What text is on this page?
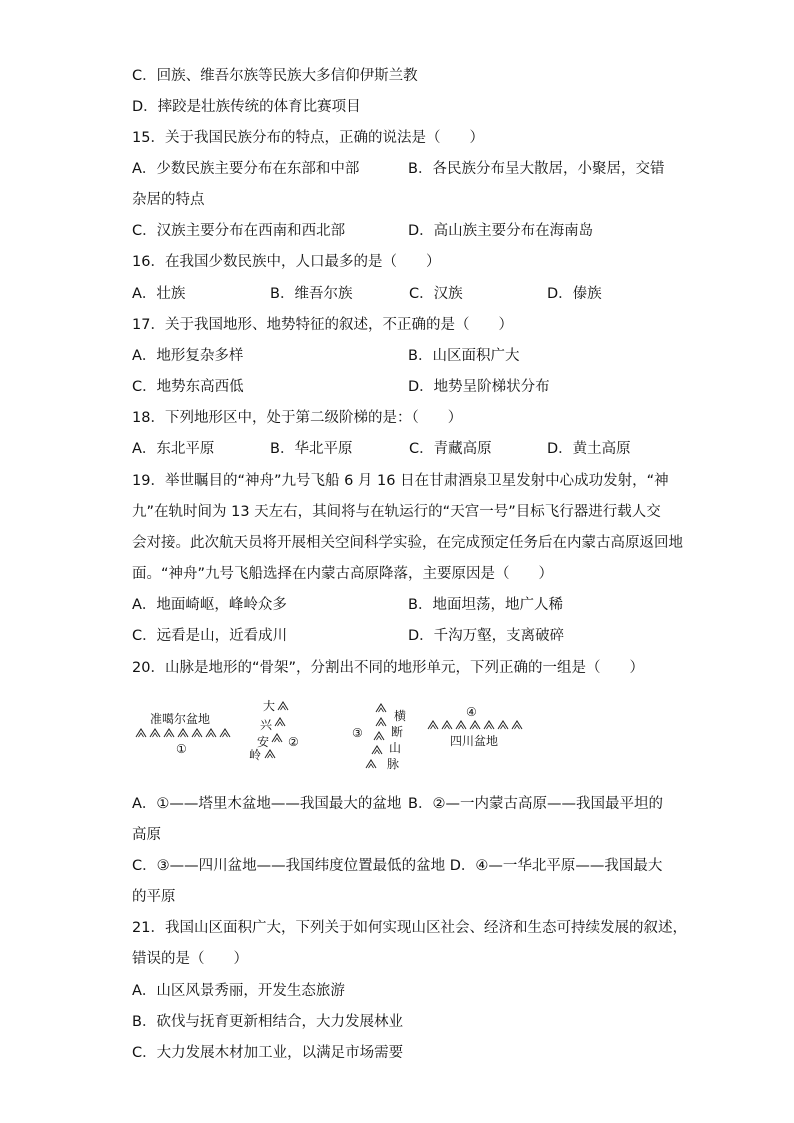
C．回族、维吾尔族等民族大多信仰伊斯兰教
D．摔跤是壮族传统的体育比赛项目
15．关于我国民族分布的特点，正确的说法是（　　）
A．少数民族主要分布在东部和中部	B．各民族分布呈大散居，小聚居，交错
杂居的特点
C．汉族主要分布在西南和西北部	D．高山族主要分布在海南岛
16．在我国少数民族中，人口最多的是（　　）
A．壮族	B．维吾尔族	C．汉族	D．傣族
17．关于我国地形、地势特征的叙述，不正确的是（　　）
A．地形复杂多样	B．山区面积广大
C．地势东高西低	D．地势呈阶梯状分布
18．下列地形区中，处于第二级阶梯的是：（　　）
A．东北平原	B．华北平原	C．青藏高原	D．黄土高原
19．举世瞩目的“神舟”九号飞船 6 月 16 日在甘肃酒泉卫星发射中心成功发射，“神
九”在轨时间为 13 天左右，其间将与在轨运行的“天宫一号”目标飞行器进行载人交
会对接。此次航天员将开展相关空间科学实验，在完成预定任务后在内蒙古高原返回地
面。“神舟”九号飞船选择在内蒙古高原降落，主要原因是（　　）
A．地面崎岖，峰岭众多	B．地面坦荡，地广人稀
C．远看是山，近看成川	D．千沟万壑，支离破碎
20．山脉是地形的“骨架”，分割出不同的地形单元，下列正确的一组是（　　）
准噶尔盆地
①
大
兴
安
岭
②
③
横
断
山
脉
④
四川盆地
A．①——塔里木盆地——我国最大的盆地 B．②—一内蒙古高原——我国最平坦的
高原
C．③——四川盆地——我国纬度位置最低的盆地 D．④—一华北平原——我国最大
的平原
21．我国山区面积广大，下列关于如何实现山区社会、经济和生态可持续发展的叙述，
错误的是（　　）
A．山区风景秀丽，开发生态旅游
B．砍伐与抚育更新相结合，大力发展林业
C．大力发展木材加工业，以满足市场需要
